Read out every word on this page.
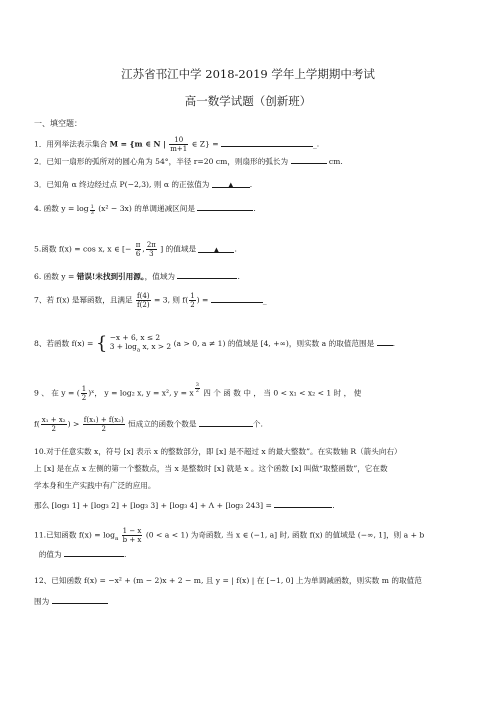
江苏省邗江中学 2018-2019 学年上学期期中考试
高一数学试题（创新班）
一、填空题：
1．用列举法表示集合 M = {m ∈ N | $\frac{10}{m+1}$ ∈ Z} =	_.
2．已知一扇形的弧所对的圆心角为 54°，半径 r=20 cm，则扇形的弧长为	cm.
3．已知角 α 终边经过点 P(−2,3), 则 α 的正弦值为	▲ .
4. 函数 $y = \log \frac{1}{3} (x^2 - 3x)$ 的单调递减区间是	.
5.函数 f(x) = cos x, x ∈ [− $\frac{\pi}{6}$ , $\frac{2\pi}{3}$ ] 的值域是	▲ .
6. 函数 y = 错误!未找到引用源。，值域为	.
7、若 f(x) 是幂函数，且满足 $\frac{f(4)}{f(2)} = 3$, 则 $f( \frac{1}{2}$ ) =	_
8、若函数 f(x) = { −x + 6, x ≤ 2
$3 + \log_a x$, x > 2 (a > 0, a ≠ 1) 的值域是 [4, +∞)，则实数 a 的取值范围是 .
9 、 在 y = ( $\frac{1}{2}$ )ˣ， y = log₂ x, y = x², y = x $\frac{3}{2}$ 四 个 函 数 中 ， 当 0 < x₁ < x₂ < 1 时 ， 使
$f( \frac{\text{x₁ + x₂}}{2}$ ) > $\frac{\text{f(x₁) + f(x₂)}}{2}$ 恒成立的函数个数是	个.
10.对于任意实数 x，符号 [x] 表示 x 的整数部分，即 [x] 是不超过 x 的最大整数”。在实数轴 R（箭头向右）
上 [x] 是在点 x 左侧的第一个整数点，当 x 是整数时 [x] 就是 x 。这个函数 [x] 叫做“取整函数”，它在数
学本身和生产实践中有广泛的应用。
那么 [log₃ 1] + [log₃ 2] + [log₃ 3] + [log₃ 4] + Λ + [log₃ 243] =	.
11.已知函数 $f(x) = \log_a \frac{1 - x}{b + x} (0 < a < 1)$ 为奇函数, 当 x ∈ (−1, a] 时, 函数 f(x) 的值域是 (−∞, 1]，则 a + b
的值为	.
12、已知函数 f(x) = −x² + (m − 2)x + 2 − m, 且 y = | f(x) | 在 [−1, 0] 上为单调减函数，则实数 m 的取值范
围为
